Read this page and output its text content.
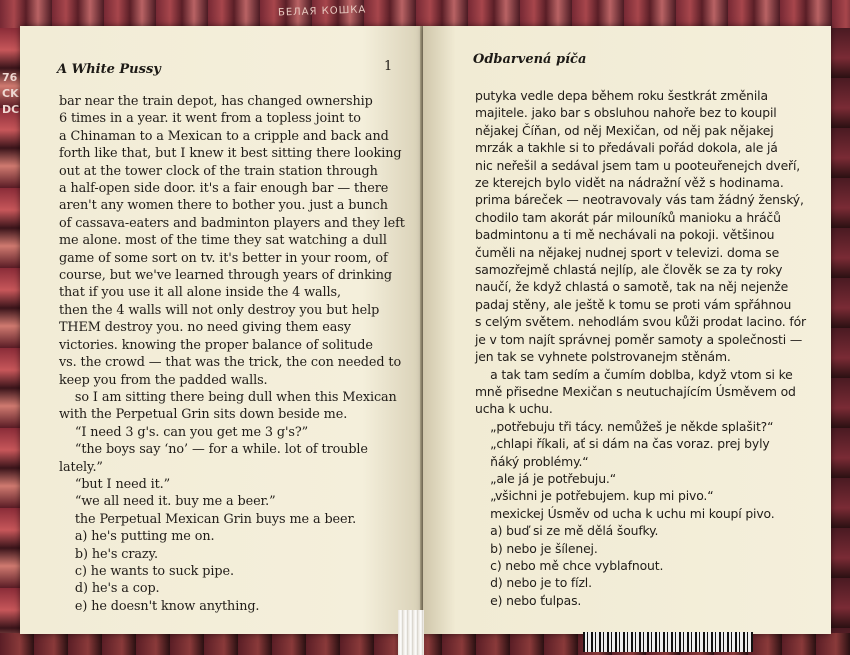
БЕЛАЯ КОШКА
76 CK DC
A White Pussy	1
bar near the train depot, has changed ownership
6 times in a year. it went from a topless joint to
a Chinaman to a Mexican to a cripple and back and
forth like that, but I knew it best sitting there looking
out at the tower clock of the train station through
a half-open side door. it's a fair enough bar — there
aren't any women there to bother you. just a bunch
of cassava-eaters and badminton players and they left
me alone. most of the time they sat watching a dull
game of some sort on tv. it's better in your room, of
course, but we've learned through years of drinking
that if you use it all alone inside the 4 walls,
then the 4 walls will not only destroy you but help
THEM destroy you. no need giving them easy
victories. knowing the proper balance of solitude
vs. the crowd — that was the trick, the con needed to
keep you from the padded walls.
so I am sitting there being dull when this Mexican
with the Perpetual Grin sits down beside me.
“I need 3 g's. can you get me 3 g's?”
“the boys say ‘no’ — for a while. lot of trouble
lately.”
“but I need it.”
“we all need it. buy me a beer.”
the Perpetual Mexican Grin buys me a beer.
a) he's putting me on.
b) he's crazy.
c) he wants to suck pipe.
d) he's a cop.
e) he doesn't know anything.
Odbarvená píča
putyka vedle depa během roku šestkrát změnila
majitele. jako bar s obsluhou nahoře bez to koupil
nějakej Číňan, od něj Mexičan, od něj pak nějakej
mrzák a takhle si to předávali pořád dokola, ale já
nic neřešil a sedával jsem tam u pooteuřenejch dveří,
ze kterejch bylo vidět na nádražní věž s hodinama.
prima báreček — neotravovaly vás tam žádný ženský,
chodilo tam akorát pár milouníků manioku a hráčů
badmintonu a ti mě nechávali na pokoji. většinou
čuměli na nějakej nudnej sport v televizi. doma se
samozřejmě chlastá nejlíp, ale člověk se za ty roky
naučí, že když chlastá o samotě, tak na něj nejenže
padaj stěny, ale ještě k tomu se proti vám spřáhnou
s celým světem. nehodlám svou kůži prodat lacino. fór
je v tom najít správnej poměr samoty a společnosti —
jen tak se vyhnete polstrovanejm stěnám.
a tak tam sedím a čumím doblba, když vtom si ke
mně přisedne Mexičan s neutuchajícím Úsměvem od
ucha k uchu.
„potřebuju tři tácy. nemůžeš je někde splašit?“
„chlapi říkali, ať si dám na čas voraz. prej byly
ňáký problémy.“
„ale já je potřebuju.“
„všichni je potřebujem. kup mi pivo.“
mexickej Úsměv od ucha k uchu mi koupí pivo.
a) buď si ze mě dělá šoufky.
b) nebo je šílenej.
c) nebo mě chce vyblafnout.
d) nebo je to fízl.
e) nebo ťulpas.
